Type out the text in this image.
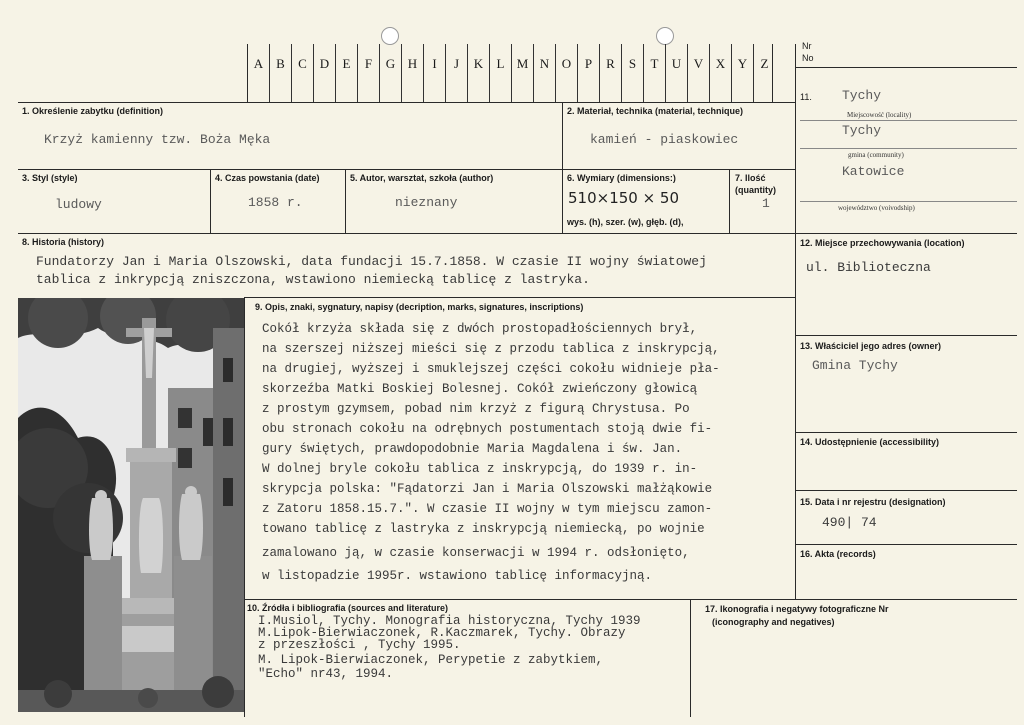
A B	C D	E	F	G H	I	J	K	L M N O	P	R	S	T	U V X Y	Z
Nr
No
1. Określenie zabytku (definition)
Krzyż kamienny tzw. Boża Męka
2. Materiał, technika (material, technique)
kamień - piaskowiec
3. Styl (style)
ludowy
4. Czas powstania (date)
1858 r.
5. Autor, warsztat, szkoła (author)
nieznany
6. Wymiary (dimensions:)
510×150 × 50
wys. (h), szer. (w), głęb. (d),
7. Ilość
(quantity)
1
8. Historia (history)
Fundatorzy Jan i Maria Olszowski, data fundacji 15.7.1858. W czasie II wojny światowej
tablica z inkrypcją zniszczona, wstawiono niemiecką tablicę z lastryka.
9. Opis, znaki, sygnatury, napisy (decription, marks, signatures, inscriptions)
Cokół krzyża składa się z dwóch prostopadłościennych brył,
na szerszej niższej mieści się z przodu tablica z inskrypcją,
na drugiej, wyższej i smuklejszej części cokołu widnieje pła-
skorzeźba Matki Boskiej Bolesnej. Cokół zwieńczony głowicą
z prostym gzymsem, pobad nim krzyż z figurą Chrystusa. Po
obu stronach cokołu na odrębnych postumentach stoją dwie fi-
gury świętych, prawdopodobnie Maria Magdalena i św. Jan.
W dolnej bryle cokołu tablica z inskrypcją, do 1939 r. in-
skrypcja polska: "Fądatorzi Jan i Maria Olszowski małżąkowie
z Zatoru 1858.15.7.". W czasie II wojny w tym miejscu zamon-
towano tablicę z lastryka z inskrypcją niemiecką, po wojnie
zamalowano ją, w czasie konserwacji w 1994 r. odsłonięto,
w listopadzie 1995r. wstawiono tablicę informacyjną.
10. Źródła i bibliografia (sources and literature)
I.Musiol, Tychy. Monografia historyczna, Tychy 1939
M.Lipok-Bierwiaczonek, R.Kaczmarek, Tychy. Obrazy
z przeszłości , Tychy 1995.
M. Lipok-Bierwiaczonek, Perypetie z zabytkiem,
"Echo" nr43, 1994.
17. Ikonografia i negatywy fotograficzne Nr
(iconography and negatives)
11. Tychy
Miejscowość (locality)
Tychy
gmina (community)
Katowice
województwo (voivodship)
12. Miejsce przechowywania (location)
ul. Biblioteczna
13. Właściciel jego adres (owner)
Gmina Tychy
14. Udostępnienie (accessibility)
15. Data i nr rejestru (designation)
490| 74
16. Akta (records)
